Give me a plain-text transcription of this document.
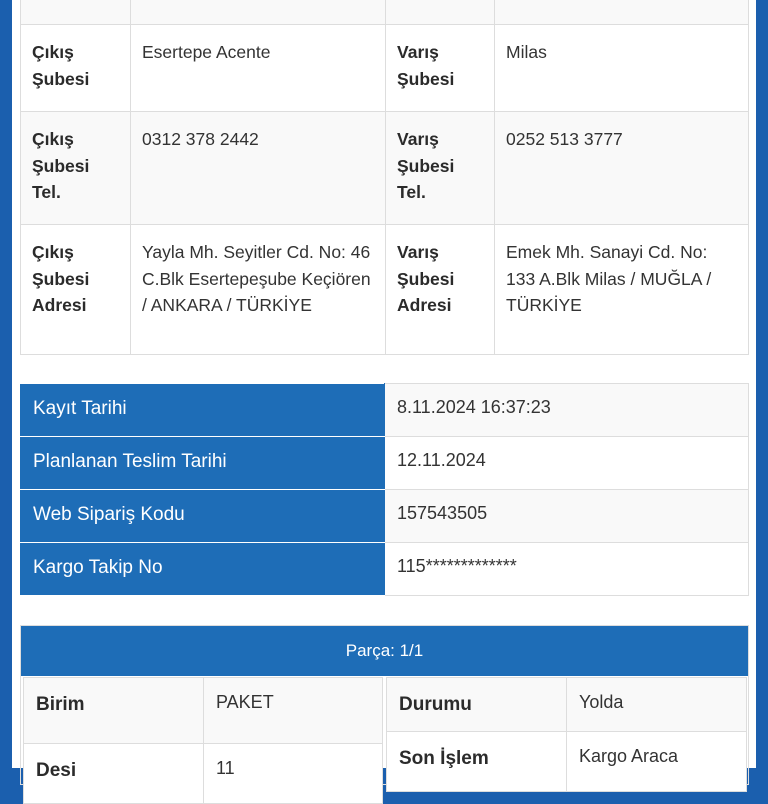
Çıkış Şubesi	Esertepe Acente	Varış Şubesi	Milas
Çıkış Şubesi Tel.	0312 378 2442	Varış Şubesi Tel.	0252 513 3777
Çıkış Şubesi Adresi	Yayla Mh. Seyitler Cd. No: 46 C.Blk Esertepeşube Keçiören / ANKARA / TÜRKİYE	Varış Şubesi Adresi	Emek Mh. Sanayi Cd. No: 133 A.Blk Milas / MUĞLA / TÜRKİYE
Kayıt Tarihi	8.11.2024 16:37:23
Planlanan Teslim Tarihi	12.11.2024
Web Sipariş Kodu	157543505
Kargo Takip No	115*************
Parça: 1/1
Birim	PAKET
Desi	11
Durumu	Yolda
Son İşlem	Kargo Araca
